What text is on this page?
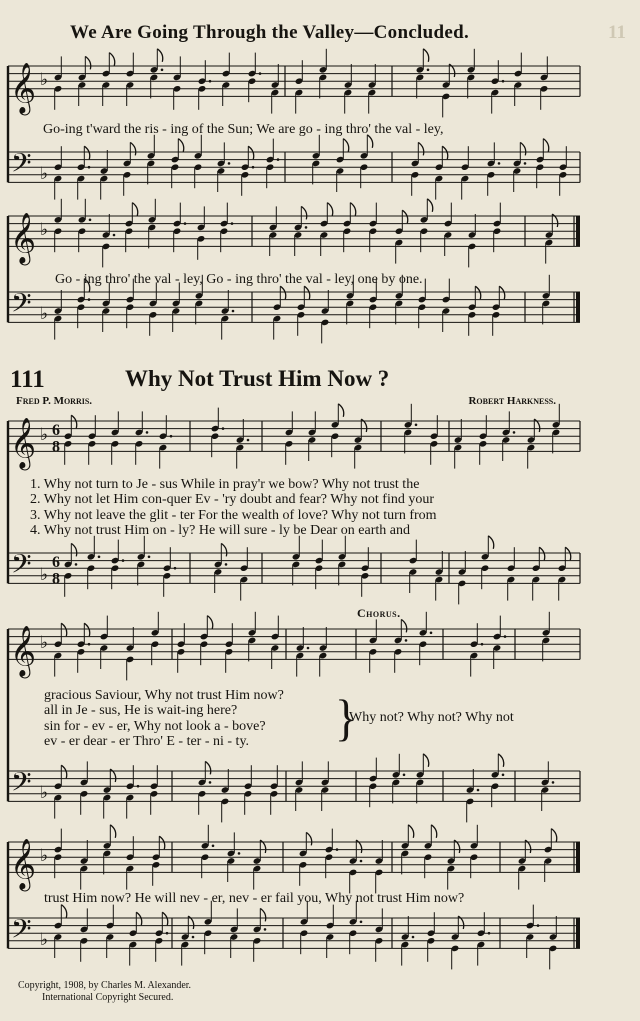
𝄞 ♭
𝄢 ♭
𝄞 ♭
𝄢 ♭
𝄞 ♭ 6
8
𝄢 ♭
6
8
𝄞 ♭
𝄢 ♭
𝄞 ♭
𝄢 ♭
We Are Going Through the Valley—Concluded.	11
Go-ing t'ward the ris - ing of the Sun; We are go - ing thro' the val - ley,
Go - ing thro' the val - ley, Go - ing thro' the val - ley, one by one.
111	Why Not Trust Him Now ?
Fred P. Morris.	Robert Harkness.
1. Why not turn to Je - sus While in pray'r we bow? Why not trust the
2. Why not let Him con-quer Ev - 'ry doubt and fear? Why not find your
3. Why not leave the glit - ter For the wealth of love? Why not turn from
4. Why not trust Him on - ly? He will sure - ly be Dear on earth and
Chorus.
gracious Saviour, Why not trust Him now?
all in Je - sus, He is wait-ing here?
sin for - ev - er, Why not look a - bove?
ev - er dear - er Thro' E - ter - ni - ty. }
Why not? Why not? Why not
trust Him now? He will nev - er, nev - er fail you, Why not trust Him now?
Copyright, 1908, by Charles M. Alexander.
International Copyright Secured.
